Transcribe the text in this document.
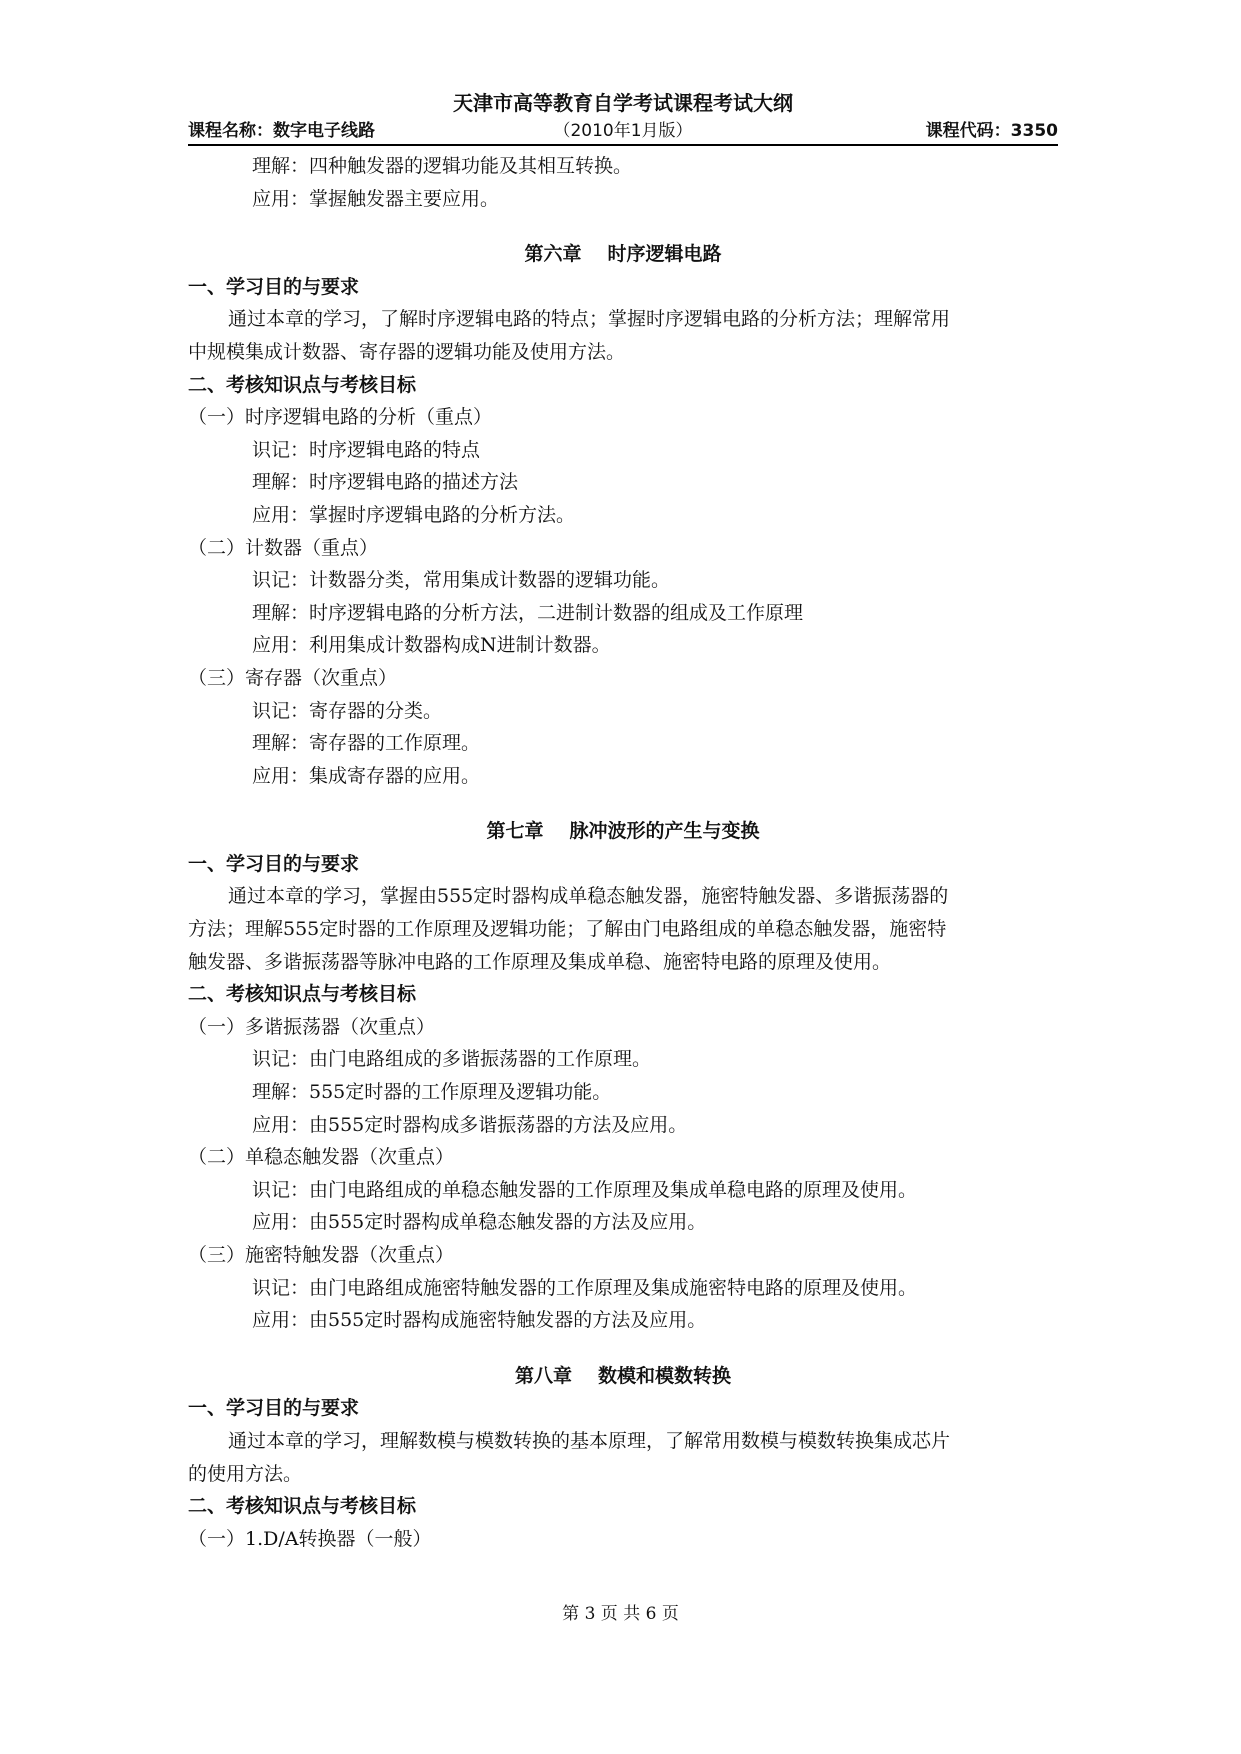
天津市高等教育自学考试课程考试大纲
（2010年1月版）
课程名称：数字电子线路	课程代码：3350
理解：四种触发器的逻辑功能及其相互转换。
应用：掌握触发器主要应用。
第六章 时序逻辑电路
一、学习目的与要求
通过本章的学习，了解时序逻辑电路的特点；掌握时序逻辑电路的分析方法；理解常用
中规模集成计数器、寄存器的逻辑功能及使用方法。
二、考核知识点与考核目标
（一）时序逻辑电路的分析（重点）
识记：时序逻辑电路的特点
理解：时序逻辑电路的描述方法
应用：掌握时序逻辑电路的分析方法。
（二）计数器（重点）
识记：计数器分类，常用集成计数器的逻辑功能。
理解：时序逻辑电路的分析方法，二进制计数器的组成及工作原理
应用：利用集成计数器构成N进制计数器。
（三）寄存器（次重点）
识记：寄存器的分类。
理解：寄存器的工作原理。
应用：集成寄存器的应用。
第七章 脉冲波形的产生与变换
一、学习目的与要求
通过本章的学习，掌握由555定时器构成单稳态触发器，施密特触发器、多谐振荡器的
方法；理解555定时器的工作原理及逻辑功能；了解由门电路组成的单稳态触发器，施密特
触发器、多谐振荡器等脉冲电路的工作原理及集成单稳、施密特电路的原理及使用。
二、考核知识点与考核目标
（一）多谐振荡器（次重点）
识记：由门电路组成的多谐振荡器的工作原理。
理解：555定时器的工作原理及逻辑功能。
应用：由555定时器构成多谐振荡器的方法及应用。
（二）单稳态触发器（次重点）
识记：由门电路组成的单稳态触发器的工作原理及集成单稳电路的原理及使用。
应用：由555定时器构成单稳态触发器的方法及应用。
（三）施密特触发器（次重点）
识记：由门电路组成施密特触发器的工作原理及集成施密特电路的原理及使用。
应用：由555定时器构成施密特触发器的方法及应用。
第八章 数模和模数转换
一、学习目的与要求
通过本章的学习，理解数模与模数转换的基本原理，了解常用数模与模数转换集成芯片
的使用方法。
二、考核知识点与考核目标
（一）1.D/A转换器（一般）
第 3 页 共 6 页
